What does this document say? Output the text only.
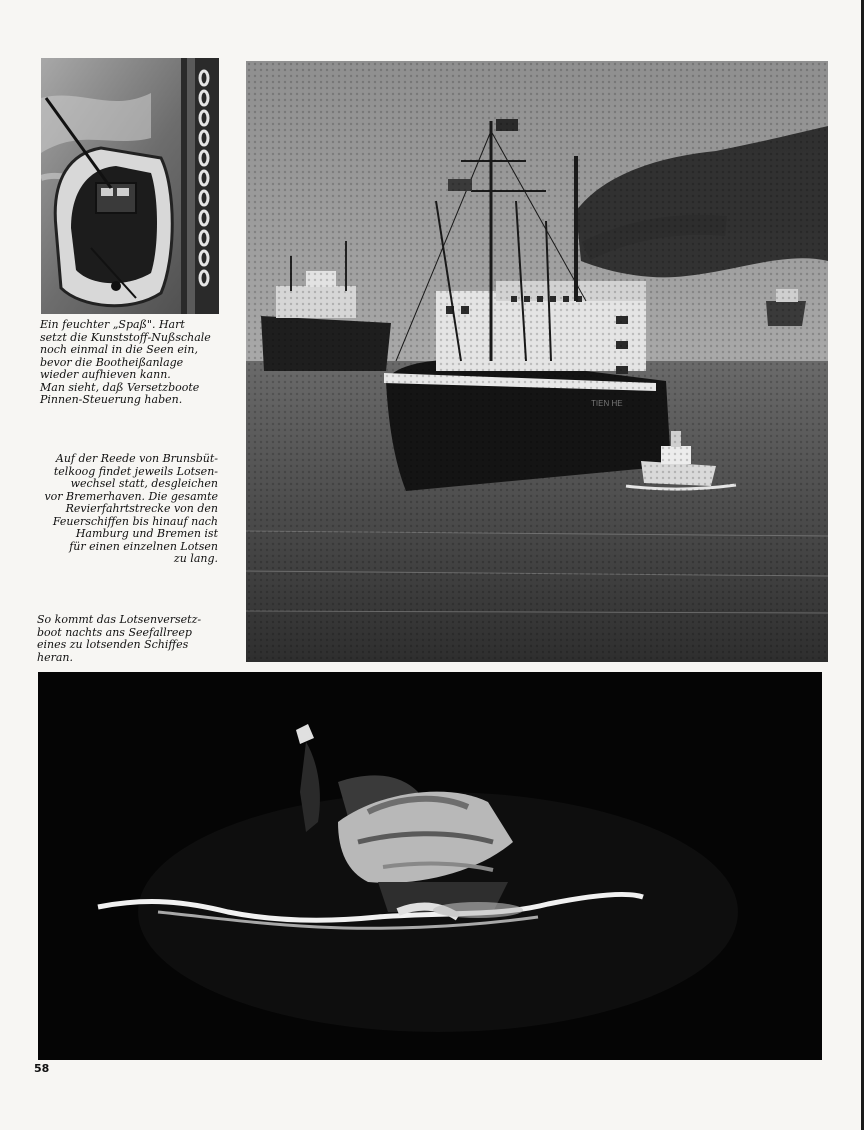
Ein feuchter „Spaß". Hart
setzt die Kunststoff-Nußschale
noch einmal in die Seen ein,
bevor die Bootheißanlage
wieder aufhieven kann.
Man sieht, daß Versetzboote
Pinnen-Steuerung haben.

Auf der Reede von Brunsbüt-
telkoog findet jeweils Lotsen-
wechsel statt, desgleichen
vor Bremerhaven. Die gesamte
Revierfahrtstrecke von den
Feuerschiffen bis hinauf nach
Hamburg und Bremen ist
für einen einzelnen Lotsen
zu lang.

So kommt das Lotsenversetz-
boot nachts ans Seefallreep
eines zu lotsenden Schiffes
heran.

58
